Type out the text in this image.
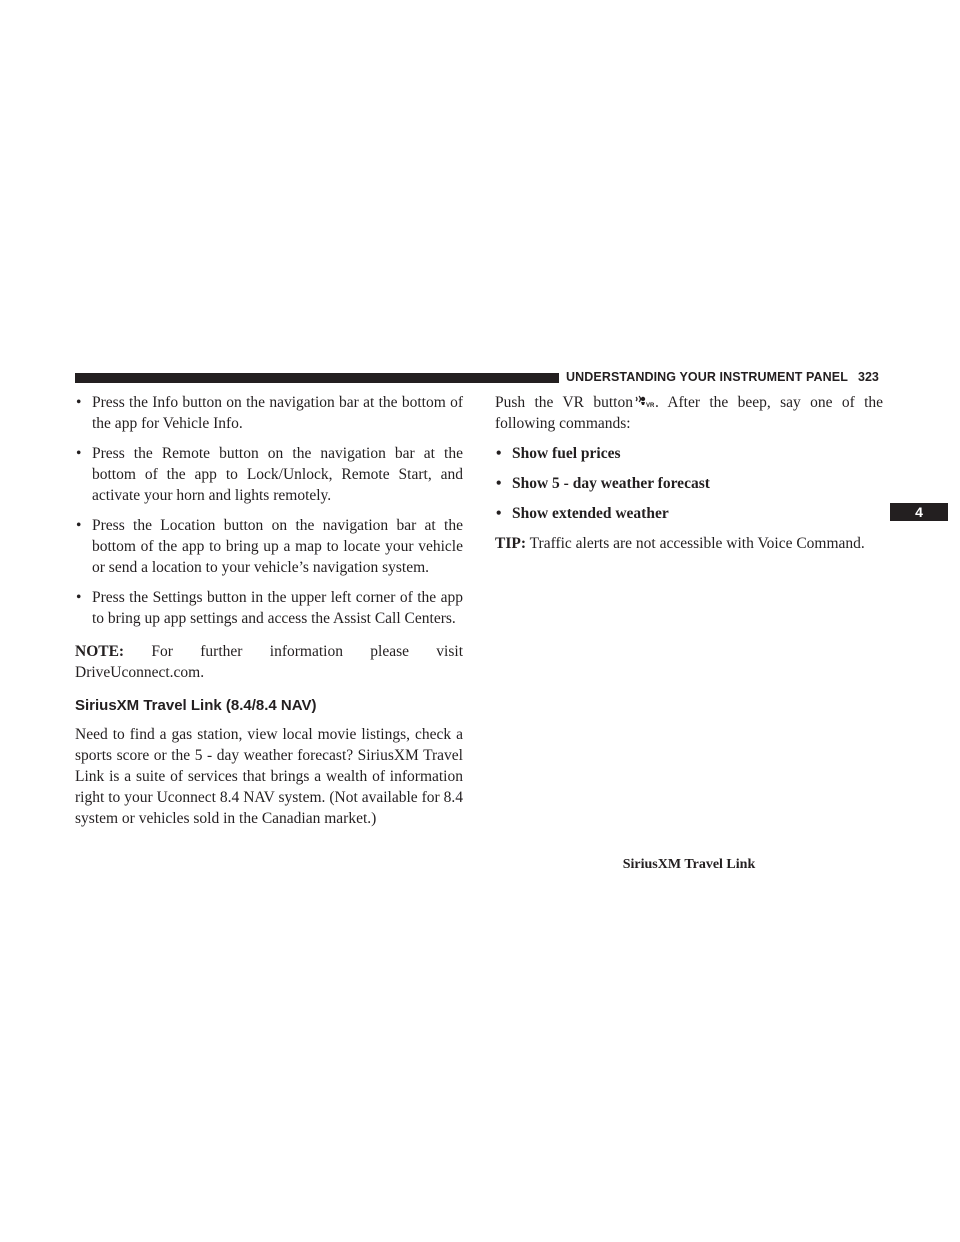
UNDERSTANDING YOUR INSTRUMENT PANEL 323
4
• Press the Info button on the navigation bar at the bottom of the app for Vehicle Info.
• Press the Remote button on the navigation bar at the bottom of the app to Lock/Unlock, Remote Start, and activate your horn and lights remotely.
• Press the Location button on the navigation bar at the bottom of the app to bring up a map to locate your vehicle or send a location to your vehicle’s navigation system.
• Press the Settings button in the upper left corner of the app to bring up app settings and access the Assist Call Centers.

NOTE: For further information please visit DriveUconnect.com.

SiriusXM Travel Link (8.4/8.4 NAV)

Need to find a gas station, view local movie listings, check a sports score or the 5 - day weather forecast? SiriusXM Travel Link is a suite of services that brings a wealth of information right to your Uconnect 8.4 NAV system. (Not available for 8.4 system or vehicles sold in the Canadian market.)

Push the VR button VR . After the beep, say one of the following commands:

• Show fuel prices
• Show 5 - day weather forecast
• Show extended weather

TIP: Traffic alerts are not accessible with Voice Command.

SiriusXM Travel Link
